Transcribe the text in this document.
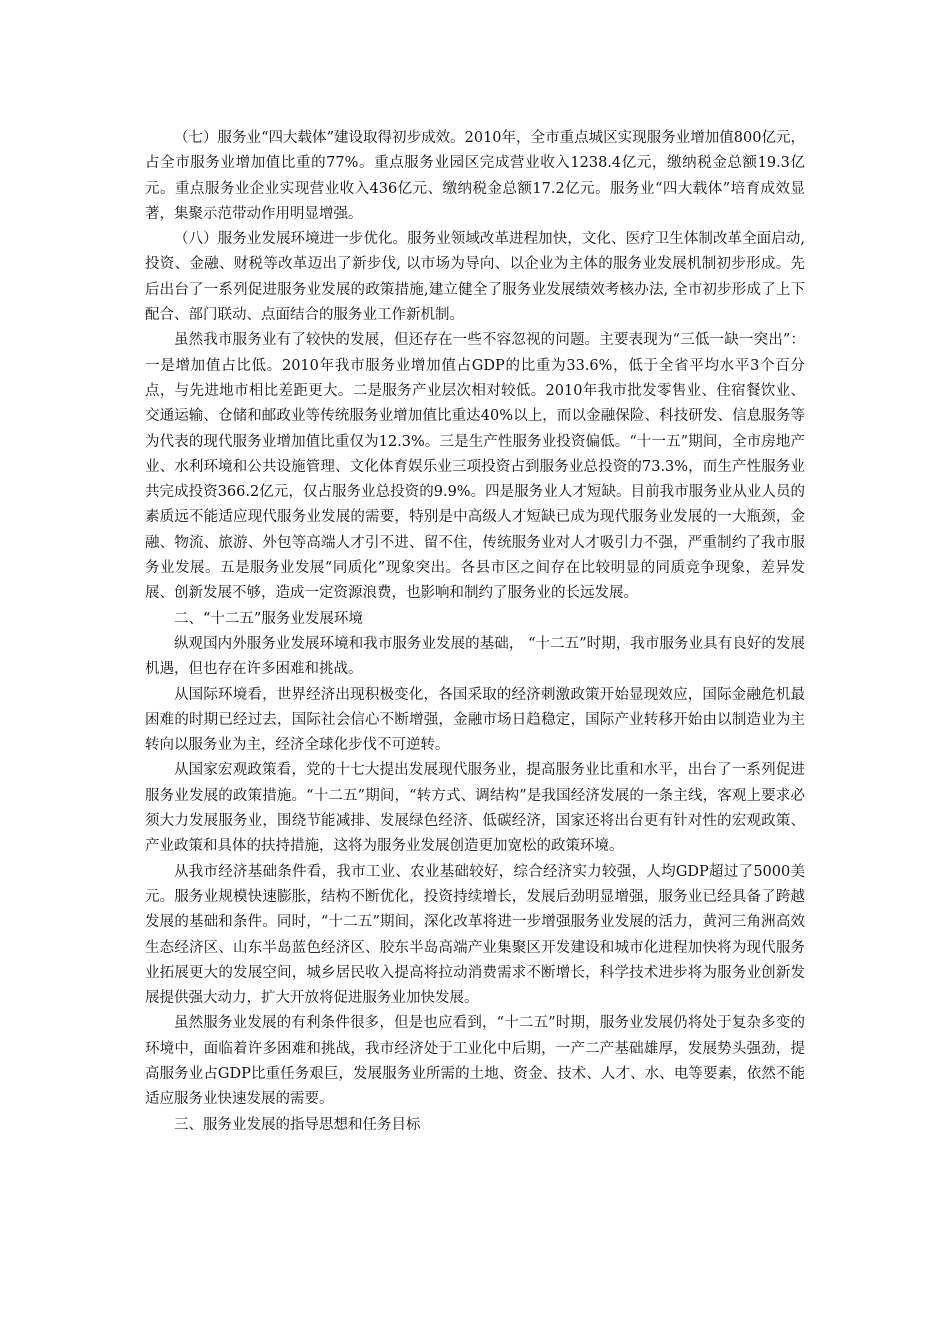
（七）服务业“四大载体”建设取得初步成效。2010年，全市重点城区实现服务业增加值800亿元，占全市服务业增加值比重的77%。重点服务业园区完成营业收入1238.4亿元，缴纳税金总额19.3亿元。重点服务业企业实现营业收入436亿元、缴纳税金总额17.2亿元。服务业“四大载体”培育成效显著，集聚示范带动作用明显增强。

（八）服务业发展环境进一步优化。服务业领域改革进程加快，文化、医疗卫生体制改革全面启动,投资、金融、财税等改革迈出了新步伐, 以市场为导向、以企业为主体的服务业发展机制初步形成。先后出台了一系列促进服务业发展的政策措施,建立健全了服务业发展绩效考核办法, 全市初步形成了上下配合、部门联动、点面结合的服务业工作新机制。

虽然我市服务业有了较快的发展，但还存在一些不容忽视的问题。主要表现为“三低一缺一突出”：一是增加值占比低。2010年我市服务业增加值占GDP的比重为33.6%，低于全省平均水平3个百分点，与先进地市相比差距更大。二是服务产业层次相对较低。2010年我市批发零售业、住宿餐饮业、交通运输、仓储和邮政业等传统服务业增加值比重达40%以上，而以金融保险、科技研发、信息服务等为代表的现代服务业增加值比重仅为12.3%。三是生产性服务业投资偏低。“十一五”期间，全市房地产业、水利环境和公共设施管理、文化体育娱乐业三项投资占到服务业总投资的73.3%，而生产性服务业共完成投资366.2亿元，仅占服务业总投资的9.9%。四是服务业人才短缺。目前我市服务业从业人员的素质远不能适应现代服务业发展的需要，特别是中高级人才短缺已成为现代服务业发展的一大瓶颈，金融、物流、旅游、外包等高端人才引不进、留不住，传统服务业对人才吸引力不强，严重制约了我市服务业发展。五是服务业发展“同质化”现象突出。各县市区之间存在比较明显的同质竞争现象，差异发展、创新发展不够，造成一定资源浪费，也影响和制约了服务业的长远发展。

二、“十二五”服务业发展环境

纵观国内外服务业发展环境和我市服务业发展的基础， “十二五”时期，我市服务业具有良好的发展机遇，但也存在许多困难和挑战。

从国际环境看，世界经济出现积极变化，各国采取的经济刺激政策开始显现效应，国际金融危机最困难的时期已经过去，国际社会信心不断增强，金融市场日趋稳定，国际产业转移开始由以制造业为主转向以服务业为主，经济全球化步伐不可逆转。

从国家宏观政策看，党的十七大提出发展现代服务业，提高服务业比重和水平，出台了一系列促进服务业发展的政策措施。“十二五”期间，“转方式、调结构”是我国经济发展的一条主线，客观上要求必须大力发展服务业，围绕节能减排、发展绿色经济、低碳经济，国家还将出台更有针对性的宏观政策、产业政策和具体的扶持措施，这将为服务业发展创造更加宽松的政策环境。

从我市经济基础条件看，我市工业、农业基础较好，综合经济实力较强，人均GDP超过了5000美元。服务业规模快速膨胀，结构不断优化，投资持续增长，发展后劲明显增强，服务业已经具备了跨越发展的基础和条件。同时，“十二五”期间，深化改革将进一步增强服务业发展的活力，黄河三角洲高效生态经济区、山东半岛蓝色经济区、胶东半岛高端产业集聚区开发建设和城市化进程加快将为现代服务业拓展更大的发展空间，城乡居民收入提高将拉动消费需求不断增长，科学技术进步将为服务业创新发展提供强大动力，扩大开放将促进服务业加快发展。

虽然服务业发展的有利条件很多，但是也应看到，“十二五”时期，服务业发展仍将处于复杂多变的环境中，面临着许多困难和挑战，我市经济处于工业化中后期，一产二产基础雄厚，发展势头强劲，提高服务业占GDP比重任务艰巨，发展服务业所需的土地、资金、技术、人才、水、电等要素，依然不能适应服务业快速发展的需要。

三、服务业发展的指导思想和任务目标
